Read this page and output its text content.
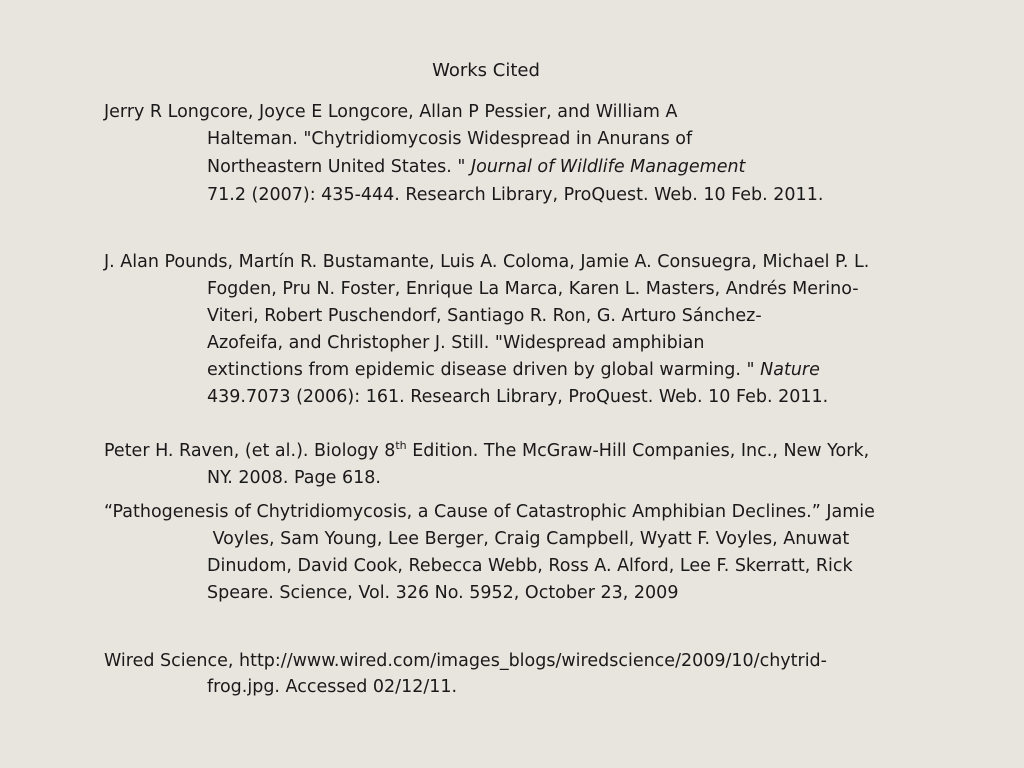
Works Cited
Jerry R Longcore, Joyce E Longcore, Allan P Pessier, and William A
Halteman. "Chytridiomycosis Widespread in Anurans of
Northeastern United States. " Journal of Wildlife Management
71.2 (2007): 435-444. Research Library, ProQuest. Web. 10 Feb. 2011.
J. Alan Pounds, Martín R. Bustamante, Luis A. Coloma, Jamie A. Consuegra, Michael P. L.
Fogden, Pru N. Foster, Enrique La Marca, Karen L. Masters, Andrés Merino-
Viteri, Robert Puschendorf, Santiago R. Ron, G. Arturo Sánchez-
Azofeifa, and Christopher J. Still. "Widespread amphibian
extinctions from epidemic disease driven by global warming. " Nature
439.7073 (2006): 161. Research Library, ProQuest. Web. 10 Feb. 2011.
Peter H. Raven, (et al.). Biology 8th Edition. The McGraw-Hill Companies, Inc., New York,
NY. 2008. Page 618.
“Pathogenesis of Chytridiomycosis, a Cause of Catastrophic Amphibian Declines.” Jamie
Voyles, Sam Young, Lee Berger, Craig Campbell, Wyatt F. Voyles, Anuwat
Dinudom, David Cook, Rebecca Webb, Ross A. Alford, Lee F. Skerratt, Rick
Speare. Science, Vol. 326 No. 5952, October 23, 2009
Wired Science, http://www.wired.com/images_blogs/wiredscience/2009/10/chytrid-
frog.jpg. Accessed 02/12/11.
